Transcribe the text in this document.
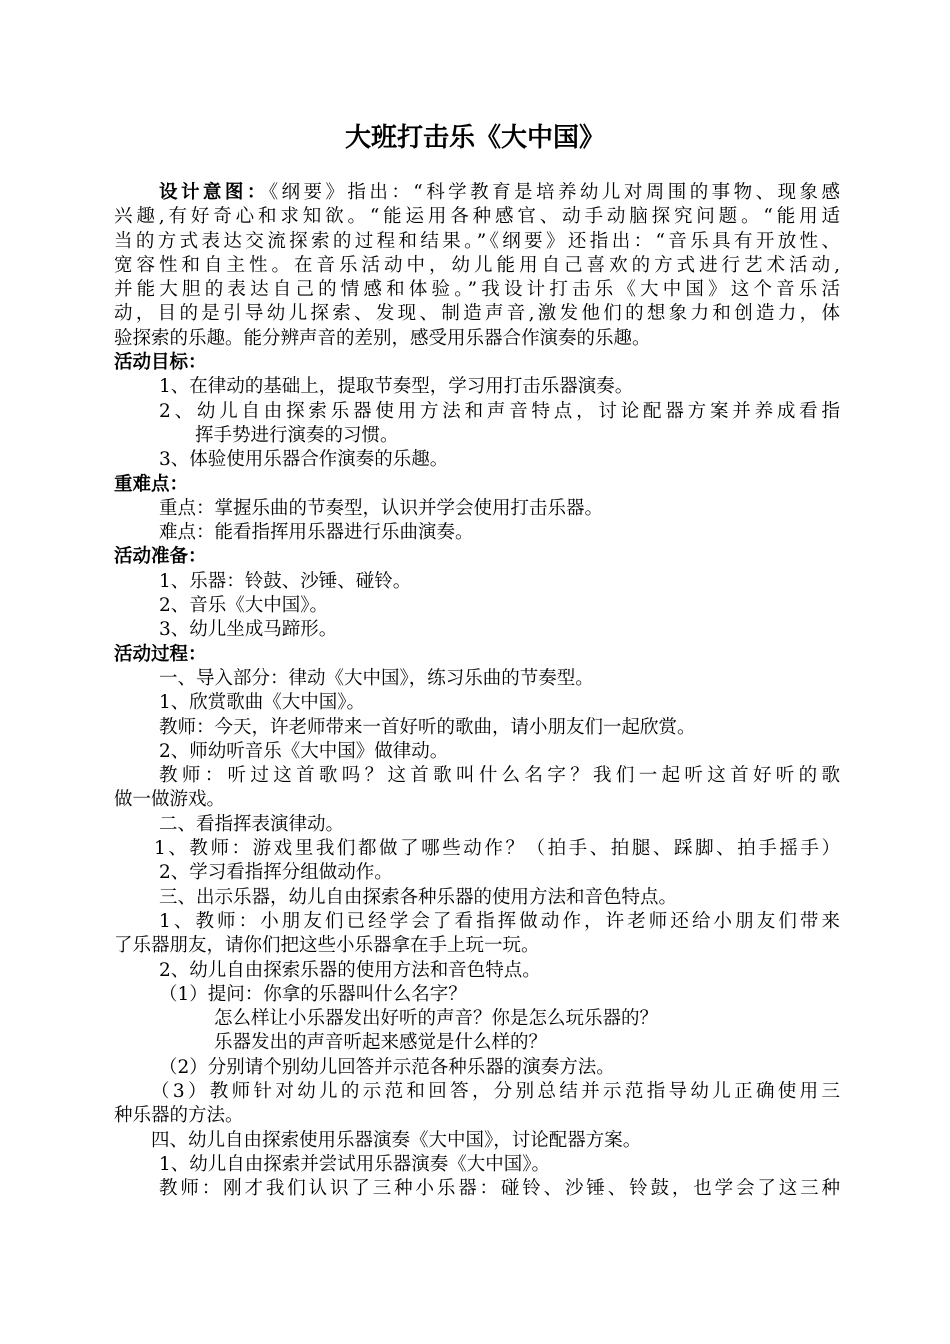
大班打击乐《大中国》
设计意图：《纲要》指出：“科学教育是培养幼儿对周围的事物、现象感
兴趣,有好奇心和求知欲。“能运用各种感官、动手动脑探究问题。“能用适
当的方式表达交流探索的过程和结果。”《纲要》还指出：“音乐具有开放性、
宽容性和自主性。在音乐活动中，幼儿能用自己喜欢的方式进行艺术活动,
并能大胆的表达自己的情感和体验。”我设计打击乐《大中国》这个音乐活
动，目的是引导幼儿探索、发现、制造声音,激发他们的想象力和创造力，体
验探索的乐趣。能分辨声音的差别，感受用乐器合作演奏的乐趣。
活动目标：
1、在律动的基础上，提取节奏型，学习用打击乐器演奏。
2、幼儿自由探索乐器使用方法和声音特点，讨论配器方案并养成看指
挥手势进行演奏的习惯。
3、体验使用乐器合作演奏的乐趣。
重难点：
重点：掌握乐曲的节奏型，认识并学会使用打击乐器。
难点：能看指挥用乐器进行乐曲演奏。
活动准备：
1、乐器：铃鼓、沙锤、碰铃。
2、音乐《大中国》。
3、幼儿坐成马蹄形。
活动过程：
一、导入部分：律动《大中国》，练习乐曲的节奏型。
1、欣赏歌曲《大中国》。
教师：今天，许老师带来一首好听的歌曲，请小朋友们一起欣赏。
2、师幼听音乐《大中国》做律动。
教师：听过这首歌吗？这首歌叫什么名字？我们一起听这首好听的歌
做一做游戏。
二、看指挥表演律动。
1、教师：游戏里我们都做了哪些动作？（拍手、拍腿、踩脚、拍手摇手）
2、学习看指挥分组做动作。
三、出示乐器，幼儿自由探索各种乐器的使用方法和音色特点。
1、教师：小朋友们已经学会了看指挥做动作，许老师还给小朋友们带来
了乐器朋友，请你们把这些小乐器拿在手上玩一玩。
2、幼儿自由探索乐器的使用方法和音色特点。
（1）提问：你拿的乐器叫什么名字？
怎么样让小乐器发出好听的声音？你是怎么玩乐器的？
乐器发出的声音听起来感觉是什么样的？
（2）分别请个别幼儿回答并示范各种乐器的演奏方法。
（3）教师针对幼儿的示范和回答，分别总结并示范指导幼儿正确使用三
种乐器的方法。
四、幼儿自由探索使用乐器演奏《大中国》，讨论配器方案。
1、幼儿自由探索并尝试用乐器演奏《大中国》。
教师：刚才我们认识了三种小乐器：碰铃、沙锤、铃鼓，也学会了这三种
